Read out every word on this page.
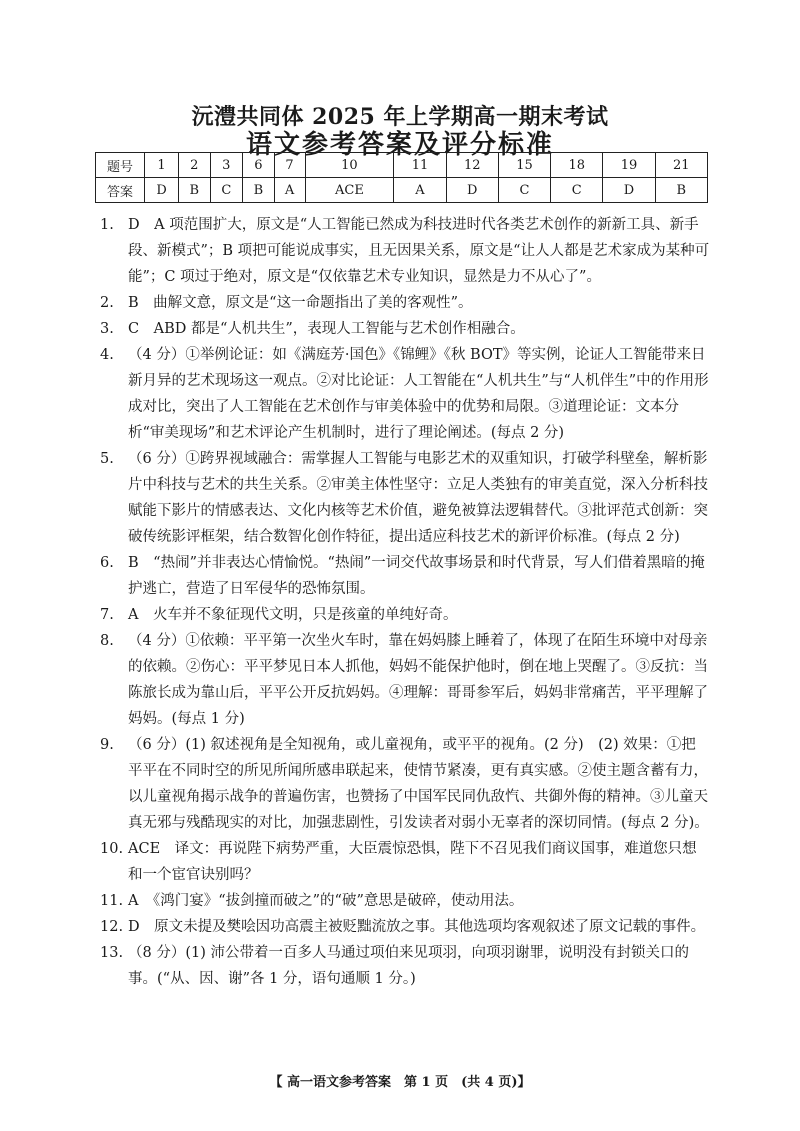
沅澧共同体 2025 年上学期高一期末考试
语文参考答案及评分标准
题号	1	2	3	6	7	10	11	12	15	18	19	21
答案	D	B	C	B	A	ACE	A	D	C	C	D	B
1. D　A 项范围扩大，原文是“人工智能已然成为科技进时代各类艺术创作的新新工具、新手段、新模式”；B 项把可能说成事实，且无因果关系，原文是“让人人都是艺术家成为某种可能”；C 项过于绝对，原文是“仅依靠艺术专业知识，显然是力不从心了”。
2. B　曲解文意，原文是“这一命题指出了美的客观性”。
3. C　ABD 都是“人机共生”，表现人工智能与艺术创作相融合。
4. （4 分）①举例论证：如《满庭芳·国色》《锦鲤》《秋 BOT》等实例，论证人工智能带来日新月异的艺术现场这一观点。②对比论证：人工智能在“人机共生”与“人机伴生”中的作用形成对比，突出了人工智能在艺术创作与审美体验中的优势和局限。③道理论证：文本分析“审美现场”和艺术评论产生机制时，进行了理论阐述。(每点 2 分)
5. （6 分）①跨界视域融合：需掌握人工智能与电影艺术的双重知识，打破学科壁垒，解析影片中科技与艺术的共生关系。②审美主体性坚守：立足人类独有的审美直觉，深入分析科技赋能下影片的情感表达、文化内核等艺术价值，避免被算法逻辑替代。③批评范式创新：突破传统影评框架，结合数智化创作特征，提出适应科技艺术的新评价标准。(每点 2 分)
6. B　“热闹”并非表达心情愉悦。“热闹”一词交代故事场景和时代背景，写人们借着黑暗的掩护逃亡，营造了日军侵华的恐怖氛围。
7. A　火车并不象征现代文明，只是孩童的单纯好奇。
8. （4 分）①依赖：平平第一次坐火车时，靠在妈妈膝上睡着了，体现了在陌生环境中对母亲的依赖。②伤心：平平梦见日本人抓他，妈妈不能保护他时，倒在地上哭醒了。③反抗：当陈旅长成为靠山后，平平公开反抗妈妈。④理解：哥哥参军后，妈妈非常痛苦，平平理解了妈妈。(每点 1 分)
9. （6 分）(1) 叙述视角是全知视角，或儿童视角，或平平的视角。(2 分)　(2) 效果：①把平平在不同时空的所见所闻所感串联起来，使情节紧凑，更有真实感。②使主题含蓄有力，以儿童视角揭示战争的普遍伤害，也赞扬了中国军民同仇敌忾、共御外侮的精神。③儿童天真无邪与残酷现实的对比，加强悲剧性，引发读者对弱小无辜者的深切同情。(每点 2 分)。
10. ACE　译文：再说陛下病势严重，大臣震惊恐惧，陛下不召见我们商议国事，难道您只想和一个宦官诀别吗？
11. A　《鸿门宴》“拔剑撞而破之”的“破”意思是破碎，使动用法。
12. D　原文未提及樊哙因功高震主被贬黜流放之事。其他选项均客观叙述了原文记载的事件。
13. （8 分）(1) 沛公带着一百多人马通过项伯来见项羽，向项羽谢罪，说明没有封锁关口的事。(“从、因、谢”各 1 分，语句通顺 1 分。)
【 高一语文参考答案　第 1 页　(共 4 页)】
